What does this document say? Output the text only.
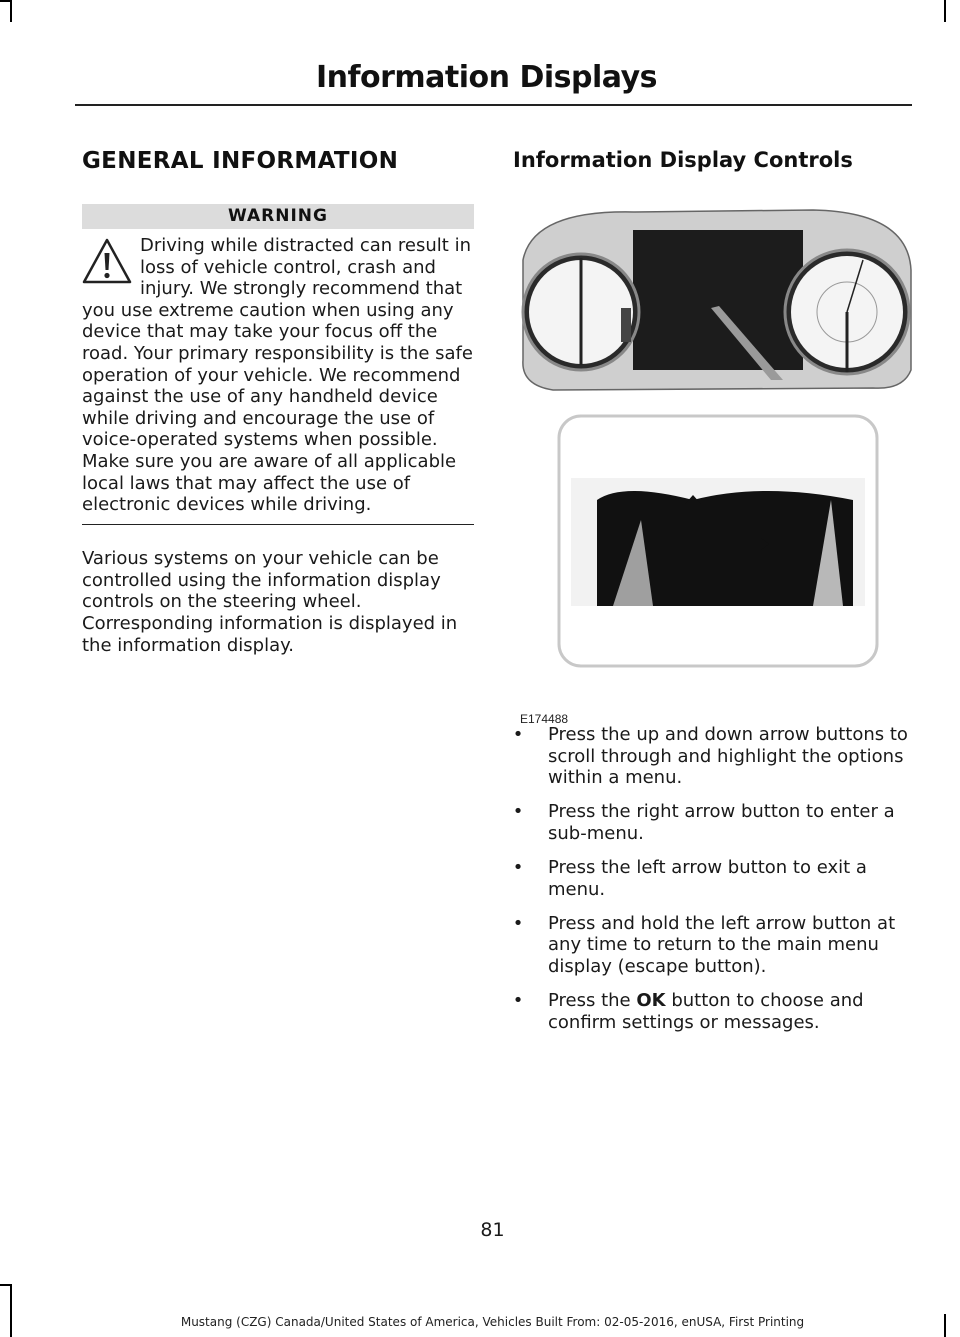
Information Displays
GENERAL INFORMATION
WARNING
Driving while distracted can result in loss of vehicle control, crash and injury. We strongly recommend that you use extreme caution when using any device that may take your focus off the road. Your primary responsibility is the safe operation of your vehicle. We recommend against the use of any handheld device while driving and encourage the use of voice-operated systems when possible. Make sure you are aware of all applicable local laws that may affect the use of electronic devices while driving.
Various systems on your vehicle can be controlled using the information display controls on the steering wheel. Corresponding information is displayed in the information display.
Information Display Controls
E174488
• Press the up and down arrow buttons to scroll through and highlight the options within a menu.
• Press the right arrow button to enter a sub-menu.
• Press the left arrow button to exit a menu.
• Press and hold the left arrow button at any time to return to the main menu display (escape button).
• Press the OK button to choose and confirm settings or messages.
81
Mustang (CZG) Canada/United States of America, Vehicles Built From: 02-05-2016, enUSA, First Printing
